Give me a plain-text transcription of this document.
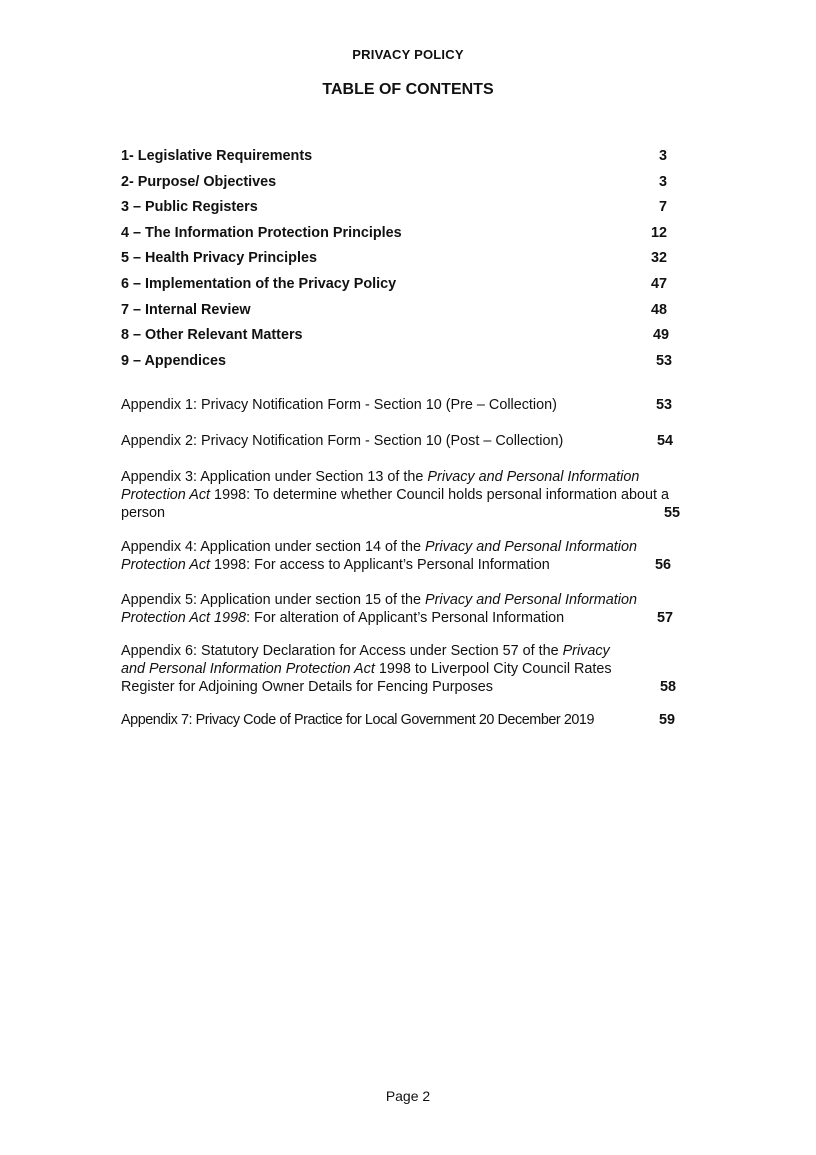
PRIVACY POLICY
TABLE OF CONTENTS
1- Legislative Requirements	3
2- Purpose/ Objectives	3
3 – Public Registers	7
4 – The Information Protection Principles	12
5 – Health Privacy Principles	32
6 – Implementation of the Privacy Policy	47
7 – Internal Review	48
8 – Other Relevant Matters	49
9 – Appendices	53
Appendix 1: Privacy Notification Form - Section 10 (Pre – Collection)	53
Appendix 2: Privacy Notification Form - Section 10 (Post – Collection)	54
Appendix 3: Application under Section 13 of the Privacy and Personal Information
Protection Act 1998: To determine whether Council holds personal information about a
person	55
Appendix 4: Application under section 14 of the Privacy and Personal Information
Protection Act 1998: For access to Applicant’s Personal Information	56
Appendix 5: Application under section 15 of the Privacy and Personal Information
Protection Act 1998: For alteration of Applicant’s Personal Information	57
Appendix 6: Statutory Declaration for Access under Section 57 of the Privacy
and Personal Information Protection Act 1998 to Liverpool City Council Rates
Register for Adjoining Owner Details for Fencing Purposes	58
Appendix 7: Privacy Code of Practice for Local Government 20 December 2019	59
Page 2
